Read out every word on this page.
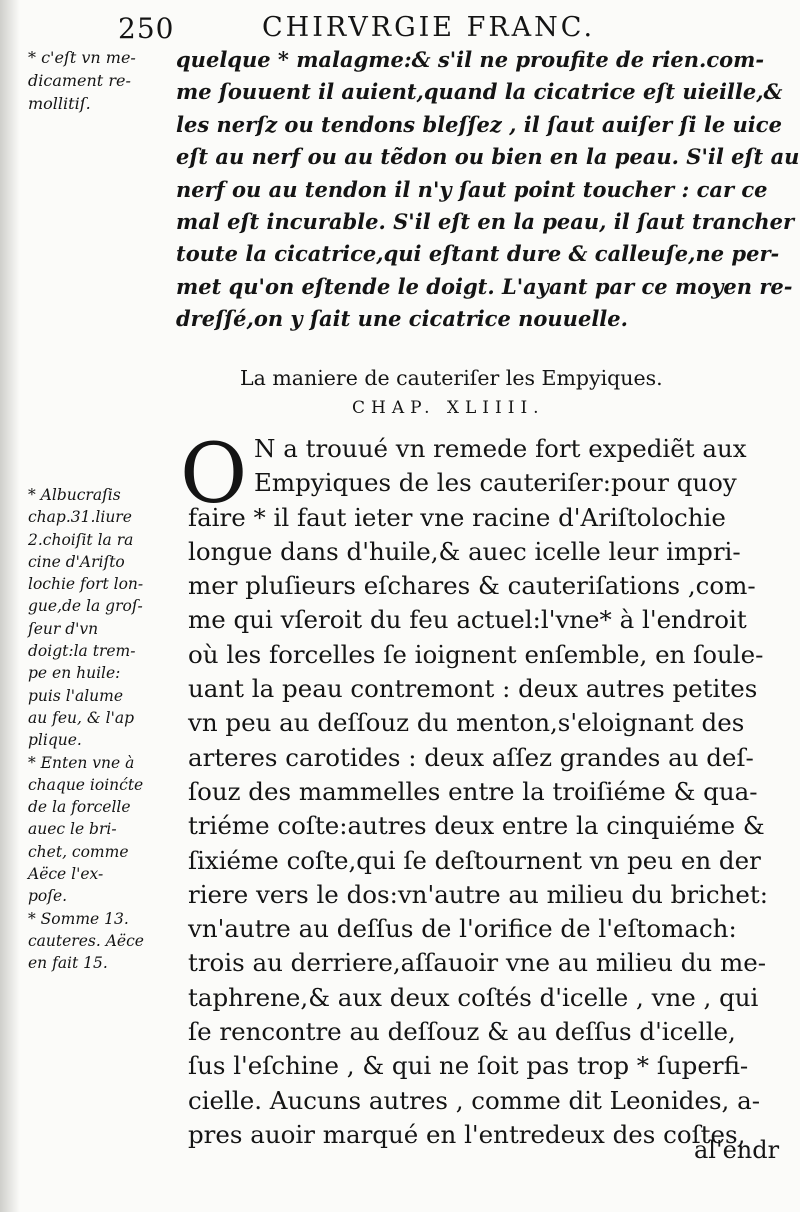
250	CHIRVRGIE FRANC.
* c'eſt vn me-
dicament re-
mollitiſ.
quelque * malagme:& s'il ne proufite de rien.com-
me ſouuent il auient,quand la cicatrice eſt uieille,&
les nerſz ou tendons bleſſez , il ſaut auiſer ſi le uice
eſt au nerf ou au tẽdon ou bien en la peau. S'il eſt au
nerf ou au tendon il n'y ſaut point toucher : car ce
mal eſt incurable. S'il eſt en la peau, il ſaut trancher
toute la cicatrice,qui eſtant dure & calleuſe,ne per-
met qu'on eſtende le doigt. L'ayant par ce moyen re-
dreſſé,on y ſait une cicatrice nouuelle.
La maniere de cauteriſer les Empyiques.
CHAP. XLIIII.
O N a trouué vn remede fort expediẽt aux
Empyiques de les cauteriſer:pour quoy
faire * il faut ieter vne racine d'Ariſtolochie
longue dans d'huile,& auec icelle leur impri-
mer pluſieurs eſchares & cauteriſations ,com-
me qui vſeroit du feu actuel:l'vne* à l'endroit
où les forcelles ſe ioignent enſemble, en ſoule-
uant la peau contremont : deux autres petites
vn peu au deſſouz du menton,s'eloignant des
arteres carotides : deux aſſez grandes au deſ-
ſouz des mammelles entre la troiſiéme & qua-
triéme coſte:autres deux entre la cinquiéme &
ſixiéme coſte,qui ſe deſtournent vn peu en der
riere vers le dos:vn'autre au milieu du brichet:
vn'autre au deſſus de l'orifice de l'eſtomach:
trois au derriere,aſſauoir vne au milieu du me-
taphrene,& aux deux coſtés d'icelle , vne , qui
ſe rencontre au deſſouz & au deſſus d'icelle,
ſus l'eſchine , & qui ne ſoit pas trop * ſuperfi-
cielle. Aucuns autres , comme dit Leonides, a-
pres auoir marqué en l'entredeux des coſtes,
al'endr
* Albucraſis
chap.31.liure
2.choiſit la ra
cine d'Ariſto
lochie fort lon-
gue,de la groſ-
ſeur d'vn
doigt:la trem-
pe en huile:
puis l'alume
au feu, & l'ap
plique.
* Enten vne à
chaque ioinćte
de la forcelle
auec le bri-
chet, comme
Aëce l'ex-
poſe.
* Somme 13.
cauteres. Aëce
en fait 15.
